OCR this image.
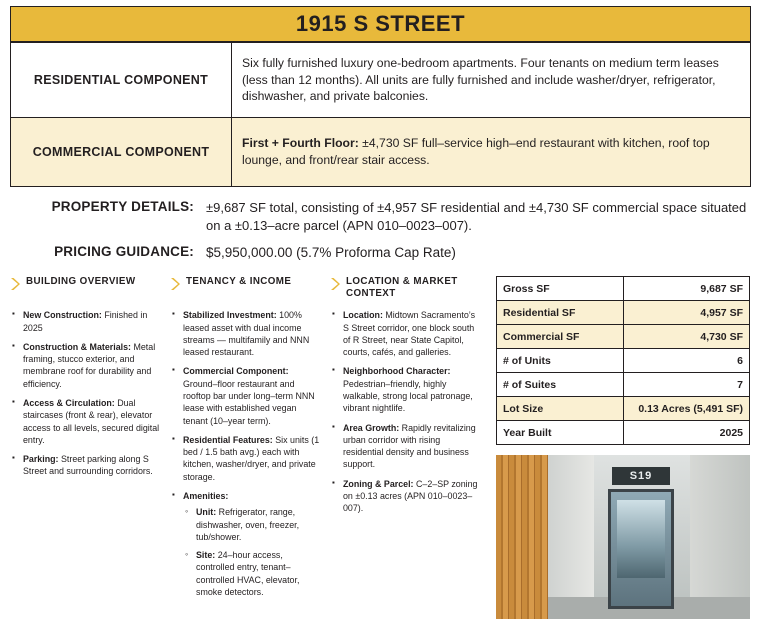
1915 S STREET
RESIDENTIAL COMPONENT	Six fully furnished luxury one-bedroom apartments. Four tenants on medium term leases (less than 12 months). All units are fully furnished and include washer/dryer, refrigerator, dishwasher, and private balconies.
COMMERCIAL COMPONENT	First + Fourth Floor: ±4,730 SF full–service high–end restaurant with kitchen, roof top lounge, and front/rear stair access.
PROPERTY DETAILS: ±9,687 SF total, consisting of ±4,957 SF residential and ±4,730 SF commercial space situated on a ±0.13–acre parcel (APN 010–0023–007).
PRICING GUIDANCE: $5,950,000.00 (5.7% Proforma Cap Rate)
BUILDING OVERVIEW
▪ New Construction: Finished in 2025
▪ Construction & Materials: Metal framing, stucco exterior, and membrane roof for durability and efficiency.
▪ Access & Circulation: Dual staircases (front & rear), elevator access to all levels, secured digital entry.
▪ Parking: Street parking along S Street and surrounding corridors.
TENANCY & INCOME
▪ Stabilized Investment: 100% leased asset with dual income streams — multifamily and NNN leased restaurant.
▪ Commercial Component: Ground–floor restaurant and rooftop bar under long–term NNN lease with established vegan tenant (10–year term).
▪ Residential Features: Six units (1 bed / 1.5 bath avg.) each with kitchen, washer/dryer, and private storage.
▪ Amenities:
◦ Unit: Refrigerator, range, dishwasher, oven, freezer, tub/shower.
◦ Site: 24–hour access, controlled entry, tenant–controlled HVAC, elevator, smoke detectors.
LOCATION & MARKET CONTEXT
▪ Location: Midtown Sacramento’s S Street corridor, one block south of R Street, near State Capitol, courts, cafés, and galleries.
▪ Neighborhood Character: Pedestrian–friendly, highly walkable, strong local patronage, vibrant nightlife.
▪ Area Growth: Rapidly revitalizing urban corridor with rising residential density and business support.
▪ Zoning & Parcel: C–2–SP zoning on ±0.13 acres (APN 010–0023–007).
Gross SF	9,687 SF
Residential SF	4,957 SF
Commercial SF	4,730 SF
# of Units	6
# of Suites	7
Lot Size	0.13 Acres (5,491 SF)
Year Built	2025
S19
